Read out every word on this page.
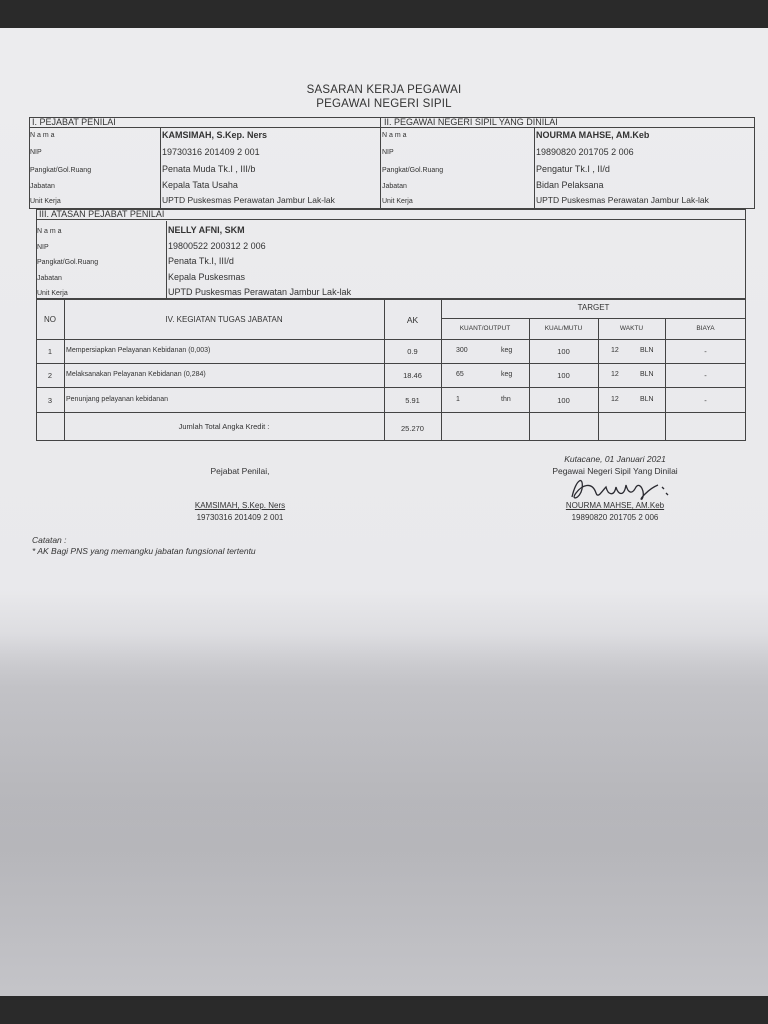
SASARAN KERJA PEGAWAI
PEGAWAI NEGERI SIPIL
I. PEJABAT PENILAI	II. PEGAWAI NEGERI SIPIL YANG DINILAI
N a m a	KAMSIMAH, S.Kep. Ners
NIP	19730316 201409 2 001
Pangkat/Gol.Ruang	Penata Muda Tk.I , III/b
Jabatan	Kepala Tata Usaha
Unit Kerja	UPTD Puskesmas Perawatan Jambur Lak-lak
N a m a	NOURMA MAHSE, AM.Keb
NIP	19890820 201705 2 006
Pangkat/Gol.Ruang	Pengatur Tk.I , II/d
Jabatan	Bidan Pelaksana
Unit Kerja	UPTD Puskesmas Perawatan Jambur Lak-lak
III. ATASAN PEJABAT PENILAI
N a m a	NELLY AFNI, SKM
NIP	19800522 200312 2 006
Pangkat/Gol.Ruang	Penata Tk.I, III/d
Jabatan	Kepala Puskesmas
Unit Kerja	UPTD Puskesmas Perawatan Jambur Lak-lak
NO	IV. KEGIATAN TUGAS JABATAN	AK
TARGET
KUANT/OUTPUT	KUAL/MUTU	WAKTU	BIAYA
1	Mempersiapkan Pelayanan Kebidanan (0,003)	0.9	300	keg	100	12	BLN	-
2	Melaksanakan Pelayanan Kebidanan (0,284)	18.46	65	keg	100	12	BLN	-
3	Penunjang pelayanan kebidanan	5.91	1	thn	100	12	BLN	-
Jumlah Total Angka Kredit :	25.270
Pejabat Penilai,
KAMSIMAH, S.Kep. Ners
19730316 201409 2 001
Kutacane, 01 Januari 2021
Pegawai Negeri Sipil Yang Dinilai
NOURMA MAHSE, AM.Keb
19890820 201705 2 006
Catatan :
* AK Bagi PNS yang memangku jabatan fungsional tertentu
